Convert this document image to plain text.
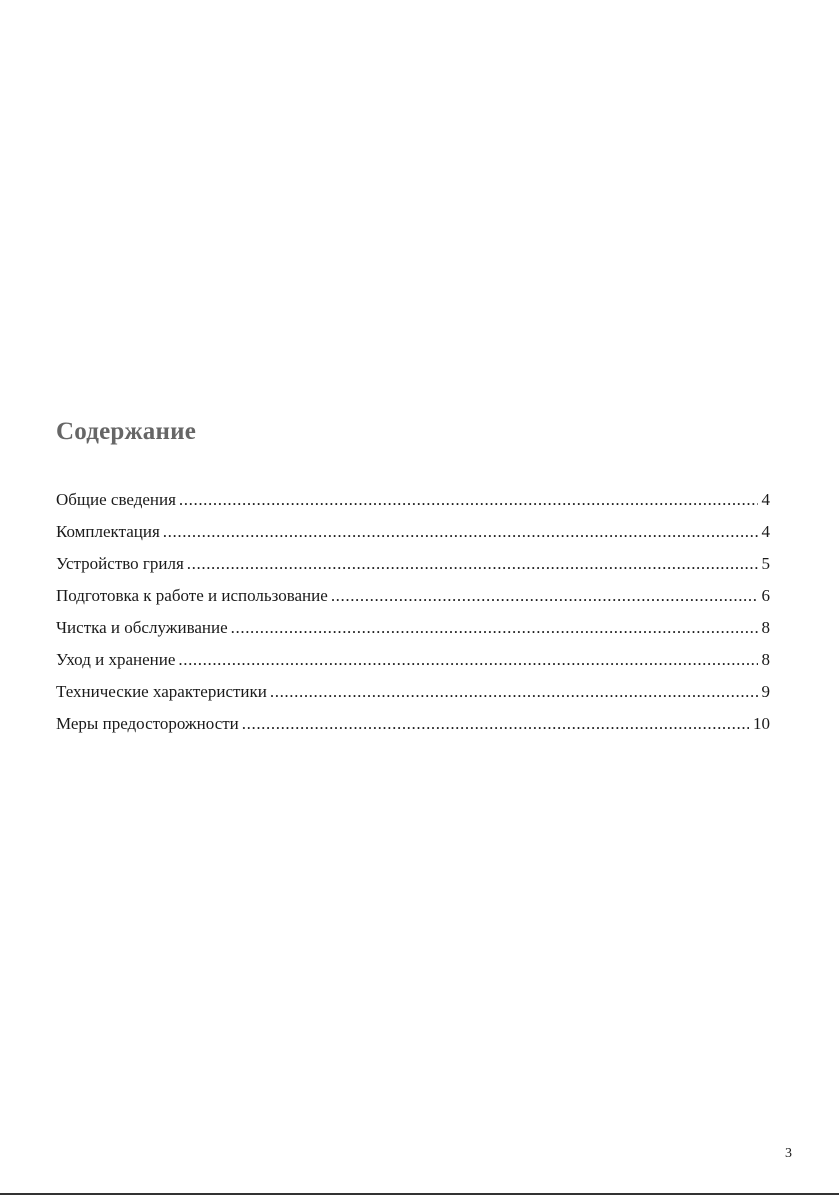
Содержание
Общие сведения .....	4
Комплектация .....	4
Устройство гриля .....	5
Подготовка к работе и использование .....	6
Чистка и обслуживание .....	8
Уход и хранение .....	8
Технические характеристики .....	9
Меры предосторожности .....	10
3
